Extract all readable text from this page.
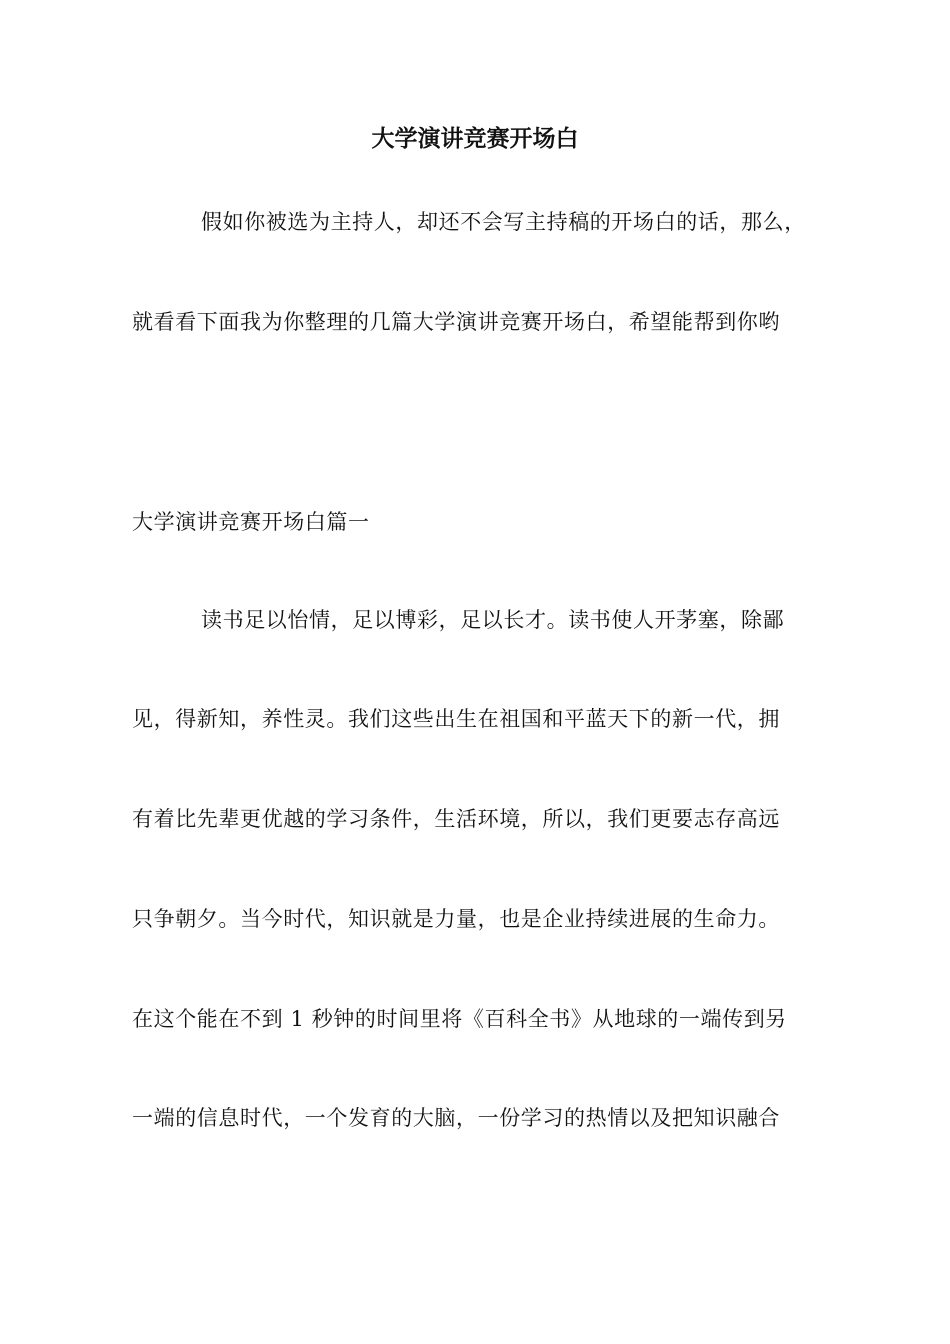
大学演讲竞赛开场白

假如你被选为主持人，却还不会写主持稿的开场白的话，那么，

就看看下面我为你整理的几篇大学演讲竞赛开场白，希望能帮到你哟

大学演讲竞赛开场白篇一

读书足以怡情，足以博彩，足以长才。读书使人开茅塞，除鄙

见，得新知，养性灵。我们这些出生在祖国和平蓝天下的新一代，拥

有着比先辈更优越的学习条件，生活环境，所以，我们更要志存高远

只争朝夕。当今时代，知识就是力量，也是企业持续进展的生命力。

在这个能在不到 1 秒钟的时间里将《百科全书》从地球的一端传到另

一端的信息时代，一个发育的大脑，一份学习的热情以及把知识融合
